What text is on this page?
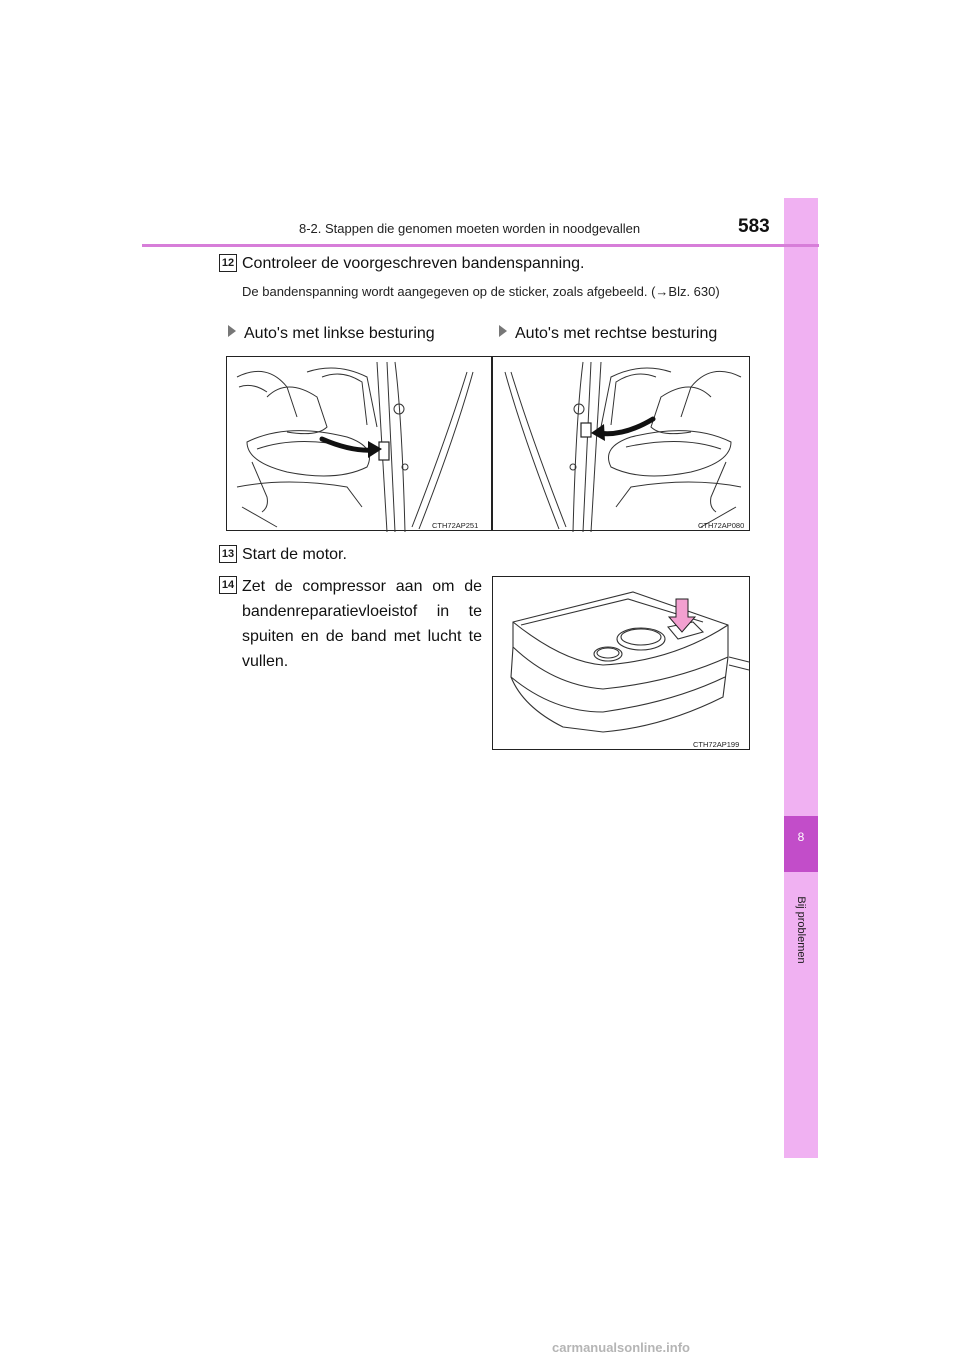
8
Bij problemen
8-2. Stappen die genomen moeten worden in noodgevallen	583
12 Controleer de voorgeschreven bandenspanning.
De bandenspanning wordt aangegeven op de sticker, zoals afgebeeld. (→Blz. 630)
Auto's met linkse besturing	Auto's met rechtse besturing
CTH72AP251	CTH72AP080
13 Start de motor.
14 Zet de compressor aan om de bandenreparatievloeistof in te spuiten en de band met lucht te vullen.
CTH72AP199
carmanualsonline.info
